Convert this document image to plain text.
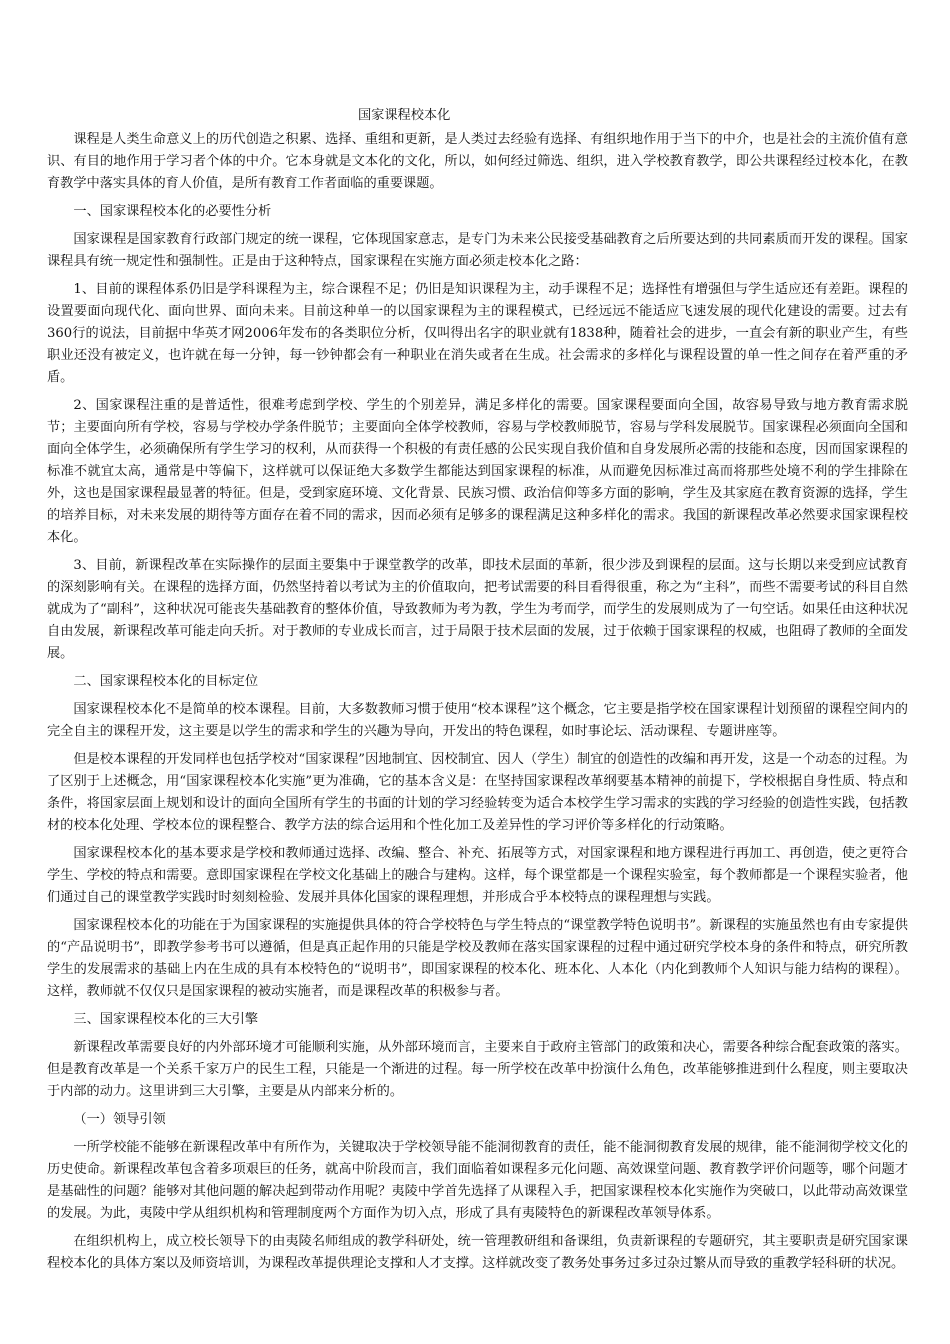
国家课程校本化

课程是人类生命意义上的历代创造之积累、选择、重组和更新，是人类过去经验有选择、有组织地作用于当下的中介，也是社会的主流价值有意识、有目的地作用于学习者个体的中介。它本身就是文本化的文化，所以，如何经过筛选、组织，进入学校教育教学，即公共课程经过校本化，在教育教学中落实具体的育人价值，是所有教育工作者面临的重要课题。

一、国家课程校本化的必要性分析

国家课程是国家教育行政部门规定的统一课程，它体现国家意志，是专门为未来公民接受基础教育之后所要达到的共同素质而开发的课程。国家课程具有统一规定性和强制性。正是由于这种特点，国家课程在实施方面必须走校本化之路：

1、目前的课程体系仍旧是学科课程为主，综合课程不足；仍旧是知识课程为主，动手课程不足；选择性有增强但与学生适应还有差距。课程的设置要面向现代化、面向世界、面向未来。目前这种单一的以国家课程为主的课程模式，已经远远不能适应飞速发展的现代化建设的需要。过去有360行的说法，目前据中华英才网2006年发布的各类职位分析，仅叫得出名字的职业就有1838种，随着社会的进步，一直会有新的职业产生，有些职业还没有被定义，也许就在每一分钟，每一钞钟都会有一种职业在消失或者在生成。社会需求的多样化与课程设置的单一性之间存在着严重的矛盾。

2、国家课程注重的是普适性，很难考虑到学校、学生的个别差异，满足多样化的需要。国家课程要面向全国，故容易导致与地方教育需求脱节；主要面向所有学校，容易与学校办学条件脱节；主要面向全体学校教师，容易与学校教师脱节，容易与学科发展脱节。国家课程必须面向全国和面向全体学生，必须确保所有学生学习的权利，从而获得一个积极的有责任感的公民实现自我价值和自身发展所必需的技能和态度，因而国家课程的标准不就宜太高，通常是中等偏下，这样就可以保证绝大多数学生都能达到国家课程的标准，从而避免因标准过高而将那些处境不利的学生排除在外，这也是国家课程最显著的特征。但是，受到家庭环境、文化背景、民族习惯、政治信仰等多方面的影响，学生及其家庭在教育资源的选择，学生的培养目标，对未来发展的期待等方面存在着不同的需求，因而必须有足够多的课程满足这种多样化的需求。我国的新课程改革必然要求国家课程校本化。

3、目前，新课程改革在实际操作的层面主要集中于课堂教学的改革，即技术层面的革新，很少涉及到课程的层面。这与长期以来受到应试教育的深刻影响有关。在课程的选择方面，仍然坚持着以考试为主的价值取向，把考试需要的科目看得很重，称之为“主科”，而些不需要考试的科目自然就成为了“副科”，这种状况可能丧失基础教育的整体价值，导致教师为考为教，学生为考而学，而学生的发展则成为了一句空话。如果任由这种状况自由发展，新课程改革可能走向夭折。对于教师的专业成长而言，过于局限于技术层面的发展，过于依赖于国家课程的权威，也阻碍了教师的全面发展。

二、国家课程校本化的目标定位

国家课程校本化不是简单的校本课程。目前，大多数教师习惯于使用“校本课程”这个概念，它主要是指学校在国家课程计划预留的课程空间内的完全自主的课程开发，这主要是以学生的需求和学生的兴趣为导向，开发出的特色课程，如时事论坛、活动课程、专题讲座等。

但是校本课程的开发同样也包括学校对“国家课程”因地制宜、因校制宜、因人（学生）制宜的创造性的改编和再开发，这是一个动态的过程。为了区别于上述概念，用“国家课程校本化实施”更为准确，它的基本含义是：在坚持国家课程改革纲要基本精神的前提下，学校根据自身性质、特点和条件，将国家层面上规划和设计的面向全国所有学生的书面的计划的学习经验转变为适合本校学生学习需求的实践的学习经验的创造性实践，包括教材的校本化处理、学校本位的课程整合、教学方法的综合运用和个性化加工及差异性的学习评价等多样化的行动策略。

国家课程校本化的基本要求是学校和教师通过选择、改编、整合、补充、拓展等方式，对国家课程和地方课程进行再加工、再创造，使之更符合学生、学校的特点和需要。意即国家课程在学校文化基础上的融合与建构。这样，每个课堂都是一个课程实验室，每个教师都是一个课程实验者，他们通过自己的课堂教学实践时时刻刻检验、发展并具体化国家的课程理想，并形成合乎本校特点的课程理想与实践。

国家课程校本化的功能在于为国家课程的实施提供具体的符合学校特色与学生特点的“课堂教学特色说明书”。新课程的实施虽然也有由专家提供的“产品说明书”，即教学参考书可以遵循，但是真正起作用的只能是学校及教师在落实国家课程的过程中通过研究学校本身的条件和特点，研究所教学生的发展需求的基础上内在生成的具有本校特色的“说明书”，即国家课程的校本化、班本化、人本化（内化到教师个人知识与能力结构的课程）。这样，教师就不仅仅只是国家课程的被动实施者，而是课程改革的积极参与者。

三、国家课程校本化的三大引擎

新课程改革需要良好的内外部环境才可能顺利实施，从外部环境而言，主要来自于政府主管部门的政策和决心，需要各种综合配套政策的落实。但是教育改革是一个关系千家万户的民生工程，只能是一个渐进的过程。每一所学校在改革中扮演什么角色，改革能够推进到什么程度，则主要取决于内部的动力。这里讲到三大引擎，主要是从内部来分析的。

（一）领导引领

一所学校能不能够在新课程改革中有所作为，关键取决于学校领导能不能洞彻教育的责任，能不能洞彻教育发展的规律，能不能洞彻学校文化的历史使命。新课程改革包含着多项艰巨的任务，就高中阶段而言，我们面临着如课程多元化问题、高效课堂问题、教育教学评价问题等，哪个问题才是基础性的问题？能够对其他问题的解决起到带动作用呢？夷陵中学首先选择了从课程入手，把国家课程校本化实施作为突破口，以此带动高效课堂的发展。为此，夷陵中学从组织机构和管理制度两个方面作为切入点，形成了具有夷陵特色的新课程改革领导体系。

在组织机构上，成立校长领导下的由夷陵名师组成的教学科研处，统一管理教研组和备课组，负责新课程的专题研究，其主要职责是研究国家课程校本化的具体方案以及师资培训，为课程改革提供理论支撑和人才支撑。这样就改变了教务处事务过多过杂过繁从而导致的重教学轻科研的状况。
